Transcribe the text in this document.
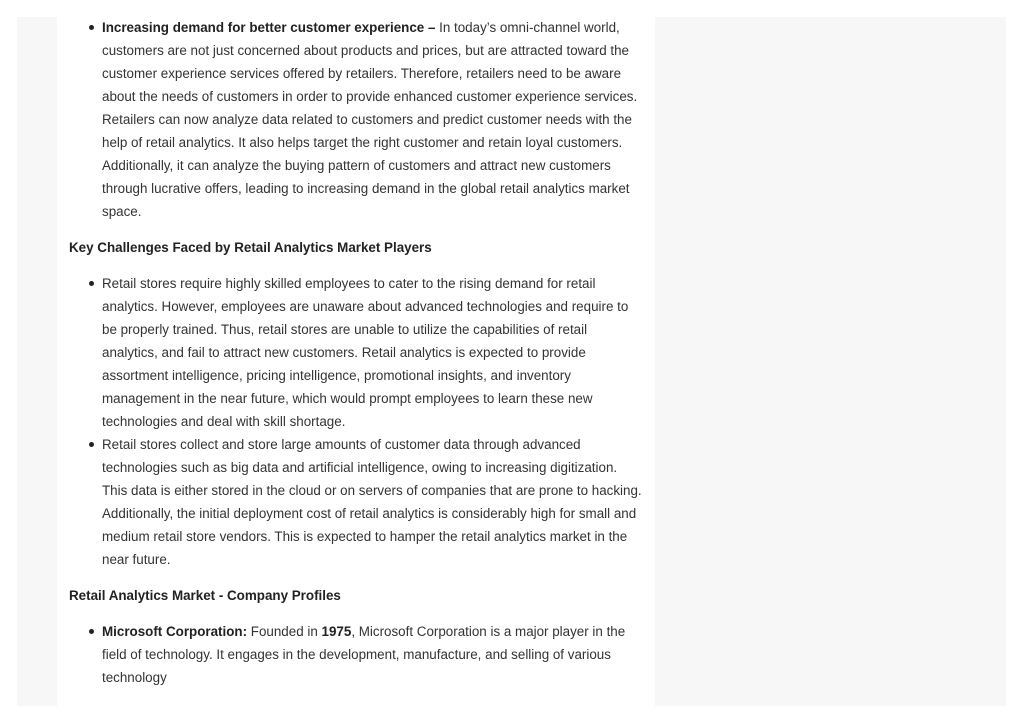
Increasing demand for better customer experience – In today’s omni-channel world, customers are not just concerned about products and prices, but are attracted toward the customer experience services offered by retailers. Therefore, retailers need to be aware about the needs of customers in order to provide enhanced customer experience services. Retailers can now analyze data related to customers and predict customer needs with the help of retail analytics. It also helps target the right customer and retain loyal customers. Additionally, it can analyze the buying pattern of customers and attract new customers through lucrative offers, leading to increasing demand in the global retail analytics market space.

Key Challenges Faced by Retail Analytics Market Players

Retail stores require highly skilled employees to cater to the rising demand for retail analytics. However, employees are unaware about advanced technologies and require to be properly trained. Thus, retail stores are unable to utilize the capabilities of retail analytics, and fail to attract new customers. Retail analytics is expected to provide assortment intelligence, pricing intelligence, promotional insights, and inventory management in the near future, which would prompt employees to learn these new technologies and deal with skill shortage.
Retail stores collect and store large amounts of customer data through advanced technologies such as big data and artificial intelligence, owing to increasing digitization. This data is either stored in the cloud or on servers of companies that are prone to hacking. Additionally, the initial deployment cost of retail analytics is considerably high for small and medium retail store vendors. This is expected to hamper the retail analytics market in the near future.

Retail Analytics Market - Company Profiles

Microsoft Corporation: Founded in 1975, Microsoft Corporation is a major player in the field of technology. It engages in the development, manufacture, and selling of various technology
